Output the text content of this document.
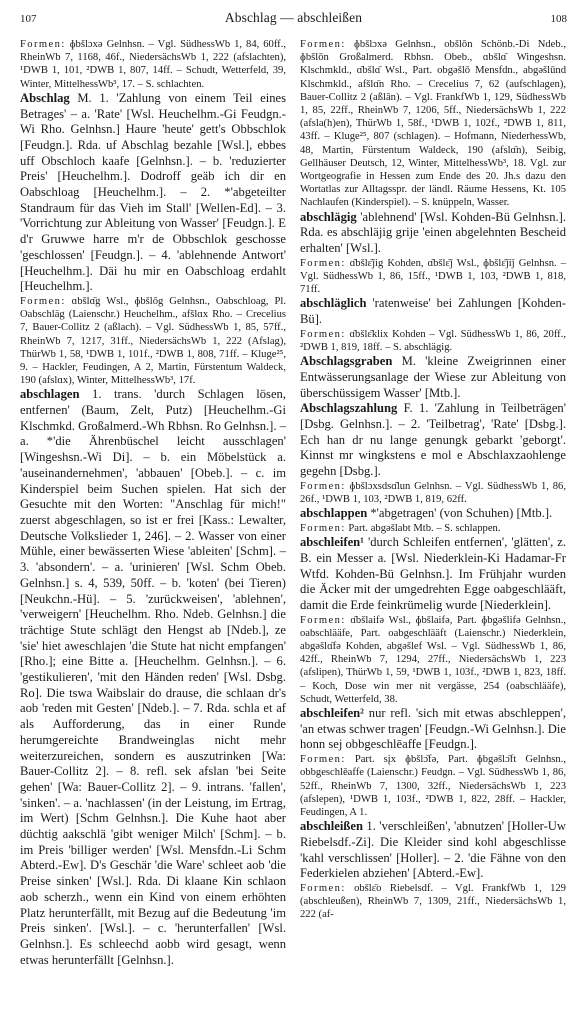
107	Abschlag — abschleißen	108

Formen: ɸbšlɔxə Gelnhsn. – Vgl. SüdhessWb 1, 84, 60ff., RheinWb 7, 1168, 46f., NiedersächsWb 1, 222 (afslachten), ¹DWB 1, 101, ²DWB 1, 807, 14ff. – Schudt, Wetterfeld, 39, Winter, MittelhessWb³, 17. – S. schlachten.

Abschlag M. 1. 'Zahlung von einem Teil eines Betrages' – a. 'Rate' [Wsl. Heuchelhm.-Gi Feudgn.-Wi Rho. Gelnhsn.] Haure 'heute' gett's Obbschlok [Feudgn.]. Rda. uf Abschlag bezahle [Wsl.], ebbes uff Obschloch kaafe [Gelnhsn.]. – b. 'reduzierter Preis' [Heuchelhm.]. Dodroff geäb ich dir en Oabschloag [Heuchelhm.]. – 2. *'abgeteilter Standraum für das Vieh im Stall' [Wellen-Ed]. – 3. 'Vorrichtung zur Ableitung von Wasser' [Feudgn.]. E d'r Gruwwe harre m'r de Obbschlok geschosse 'geschlossen' [Feudgn.]. – 4. 'ablehnende Antwort' [Heuchelhm.]. Däi hu mir en Oabschloag erdahlt [Heuchelhm.].

Formen: ɑbšlɑ̄g Wsl., ɸbšlōg Gelnhsn., Oabschloag, Pl. Oabschläg (Laienschr.) Heuchelhm., afšlɑx Rho. – Crecelius 7, Bauer-Collitz 2 (aßlach). – Vgl. SüdhessWb 1, 85, 57ff., RheinWb 7, 1217, 31ff., NiedersächsWb 1, 222 (Afslag), ThürWb 1, 58, ¹DWB 1, 101f., ²DWB 1, 808, 71ff. – Kluge²⁵, 9. – Hackler, Feudingen, A 2, Martin, Fürstentum Waldeck, 190 (afslɑx), Winter, MittelhessWb³, 17f.

abschlagen 1. trans. 'durch Schlagen lösen, entfernen' (Baum, Zelt, Putz) [Heuchelhm.-Gi Klschmkd. Großalmerd.-Wh Rbhsn. Ro Gelnhsn.]. – a. *'die Ährenbüschel leicht ausschlagen' [Wingeshsn.-Wi Di]. – b. ein Möbelstück a. 'auseinandernehmen', 'abbauen' [Obeb.]. – c. im Kinderspiel beim Suchen spielen. Hat sich der Gesuchte mit den Worten: "Anschlag für mich!" zuerst abgeschlagen, so ist er frei [Kass.: Lewalter, Deutsche Volkslieder 1, 246]. – 2. Wasser von einer Mühle, einer bewässerten Wiese 'ableiten' [Schm]. – 3. 'absondern'. – a. 'urinieren' [Wsl. Schm Obeb. Gelnhsn.] s. 4, 539, 50ff. – b. 'koten' (bei Tieren) [Neukchn.-Hü]. – 5. 'zurückweisen', 'ablehnen', 'verweigern' [Heuchelhm. Rho. Ndeb. Gelnhsn.] die trächtige Stute schlägt den Hengst ab [Ndeb.], ze 'sie' hiet aweschlajen 'die Stute hat nicht empfangen' [Rho.]; eine Bitte a. [Heuchelhm. Gelnhsn.]. – 6. 'gestikulieren', 'mit den Händen reden' [Wsl. Dsbg. Ro]. Die tswa Waibslair do drause, die schlaan dr's aob 'reden mit Gesten' [Ndeb.]. – 7. Rda. schla et af als Aufforderung, das in einer Runde herumgereichte Brandweinglas nicht mehr weiterzureichen, sondern es auszutrinken [Wa: Bauer-Collitz 2]. – 8. refl. sek afslan 'bei Seite gehen' [Wa: Bauer-Collitz 2]. – 9. intrans. 'fallen', 'sinken'. – a. 'nachlassen' (in der Leistung, im Ertrag, im Wert) [Schm Gelnhsn.]. Die Kuhe haot aber düchtig aakschlä 'gibt weniger Milch' [Schm]. – b. im Preis 'billiger werden' [Wsl. Mensfdn.-Li Schm Abterd.-Ew]. D's Geschär 'die Ware' schleet aob 'die Preise sinken' [Wsl.]. Rda. Di klaane Kin schlaon aob scherzh., wenn ein Kind von einem erhöhten Platz herunterfällt, mit Bezug auf die Bedeutung 'im Preis sinken'. [Wsl.]. – c. 'herunterfallen' [Wsl. Gelnhsn.]. Es schleechd aobb wird gesagt, wenn etwas herunterfällt [Gelnhsn.].

Formen: ɸbšlɔxə Gelnhsn., obšlōn Schönb.-Di Ndeb., ɸbšlōn Großalmerd. Rbhsn. Obeb., ɑbšlɑ̄ Wingeshsn. Klschmkld., ɑ̄bšlɑ̄ Wsl., Part. obgəšlō Mensfdn., abgəšlūnd Klschmkld., afšlɑ̄n Rho. – Crecelius 7, 62 (aufschlagen), Bauer-Collitz 2 (aßlān). – Vgl. FrankfWb 1, 129, SüdhessWb 1, 85, 22ff., RheinWb 7, 1206, 5ff., NiedersächsWb 1, 222 (afsla(h)en), ThürWb 1, 58f., ¹DWB 1, 102f., ²DWB 1, 811, 43ff. – Kluge²⁵, 807 (schlagen). – Hofmann, NiederhessWb, 48, Martin, Fürstentum Waldeck, 190 (afslɑ̄n), Seibig, Gellhäuser Deutsch, 12, Winter, MittelhessWb³, 18. Vgl. zur Wortgeografie in Hessen zum Ende des 20. Jh.s dazu den Wortatlas zur Alltagsspr. der ländl. Räume Hessens, Kt. 105 Nachlaufen (Kinderspiel). – S. knüppeln, Wasser.

abschlägig 'ablehnend' [Wsl. Kohden-Bü Gelnhsn.]. Rda. es abschläjig grije 'einen abgelehnten Bescheid erhalten' [Wsl.].

Formen: ɑ̄bšlɛ̄ǰig Kohden, ɑ̄bšlɛ̄ǰ Wsl., ɸbšlɛ̄ǰiǰ Gelnhsn. – Vgl. SüdhessWb 1, 86, 15ff., ¹DWB 1, 103, ²DWB 1, 818, 71ff.

abschläglich 'ratenweise' bei Zahlungen [Kohden-Bü].

Formen: ɑ̄bšlɛ̄klix Kohden – Vgl. SüdhessWb 1, 86, 20ff., ²DWB 1, 819, 18ff. – S. abschlägig.

Abschlagsgraben M. 'kleine Zweigrinnen einer Entwässerungsanlage der Wiese zur Ableitung von überschüssigem Wasser' [Mtb.].

Abschlagszahlung F. 1. 'Zahlung in Teilbeträgen' [Dsbg. Gelnhsn.]. – 2. 'Teilbetrag', 'Rate' [Dsbg.]. Ech han dr nu lange genungk gebarkt 'geborgt'. Kinnst mr wingkstens e mol e Abschlaxzaohlenge gegehn [Dsbg.].

Formen: ɸbšlɔxsdsɑ̄lun Gelnhsn. – Vgl. SüdhessWb 1, 86, 26f., ¹DWB 1, 103, ²DWB 1, 819, 62ff.

abschlappen *'abgetragen' (von Schuhen) [Mtb.].

Formen: Part. abgəšlabt Mtb. – S. schlappen.

abschleifen¹ 'durch Schleifen entfernen', 'glätten', z. B. ein Messer a. [Wsl. Niederklein-Ki Hadamar-Fr Wtfd. Kohden-Bü Gelnhsn.]. Im Frühjahr wurden die Äcker mit der umgedrehten Egge oabgeschlääft, damit die Erde feinkrümelig wurde [Niederklein].

Formen: ɑ̄bšlaifə Wsl., ɸbšlaifə, Part. ɸbgəšlifə Gelnhsn., oabschlääfe, Part. oabgeschlääft (Laienschr.) Niederklein, abgəšlɑ̄fə Kohden, abgəšlef Wsl. – Vgl. SüdhessWb 1, 86, 42ff., RheinWb 7, 1294, 27ff., NiedersächsWb 1, 223 (afslipen), ThürWb 1, 59, ¹DWB 1, 103f., ²DWB 1, 823, 18ff. – Koch, Dose win mer nit vergässe, 254 (oabschlääfe), Schudt, Wetterfeld, 38.

abschleifen² nur refl. 'sich mit etwas abschleppen', 'an etwas schwer tragen' [Feudgn.-Wi Gelnhsn.]. Die honn sej obbgeschlēaffe [Feudgn.].

Formen: Part. sįx ɸbšlɔ̄fə, Part. ɸbgəšlɔ̄ft Gelnhsn., obbgeschlēaffe (Laienschr.) Feudgn. – Vgl. SüdhessWb 1, 86, 52ff., RheinWb 7, 1300, 32ff., NiedersächsWb 1, 223 (afslepen), ¹DWB 1, 103f., ²DWB 1, 822, 28ff. – Hackler, Feudingen, A 1.

abschleißen 1. 'verschleißen', 'abnutzen' [Holler-Uw Riebelsdf.-Zi]. Die Kleider sind kohl abgeschlisse 'kahl verschlissen' [Holler]. – 2. 'die Fähne von den Federkielen abziehen' [Abterd.-Ew].

Formen: obšlɛ̄o Riebelsdf. – Vgl. FrankfWb 1, 129 (abschleußen), RheinWb 7, 1309, 21ff., NiedersächsWb 1, 222 (af-
